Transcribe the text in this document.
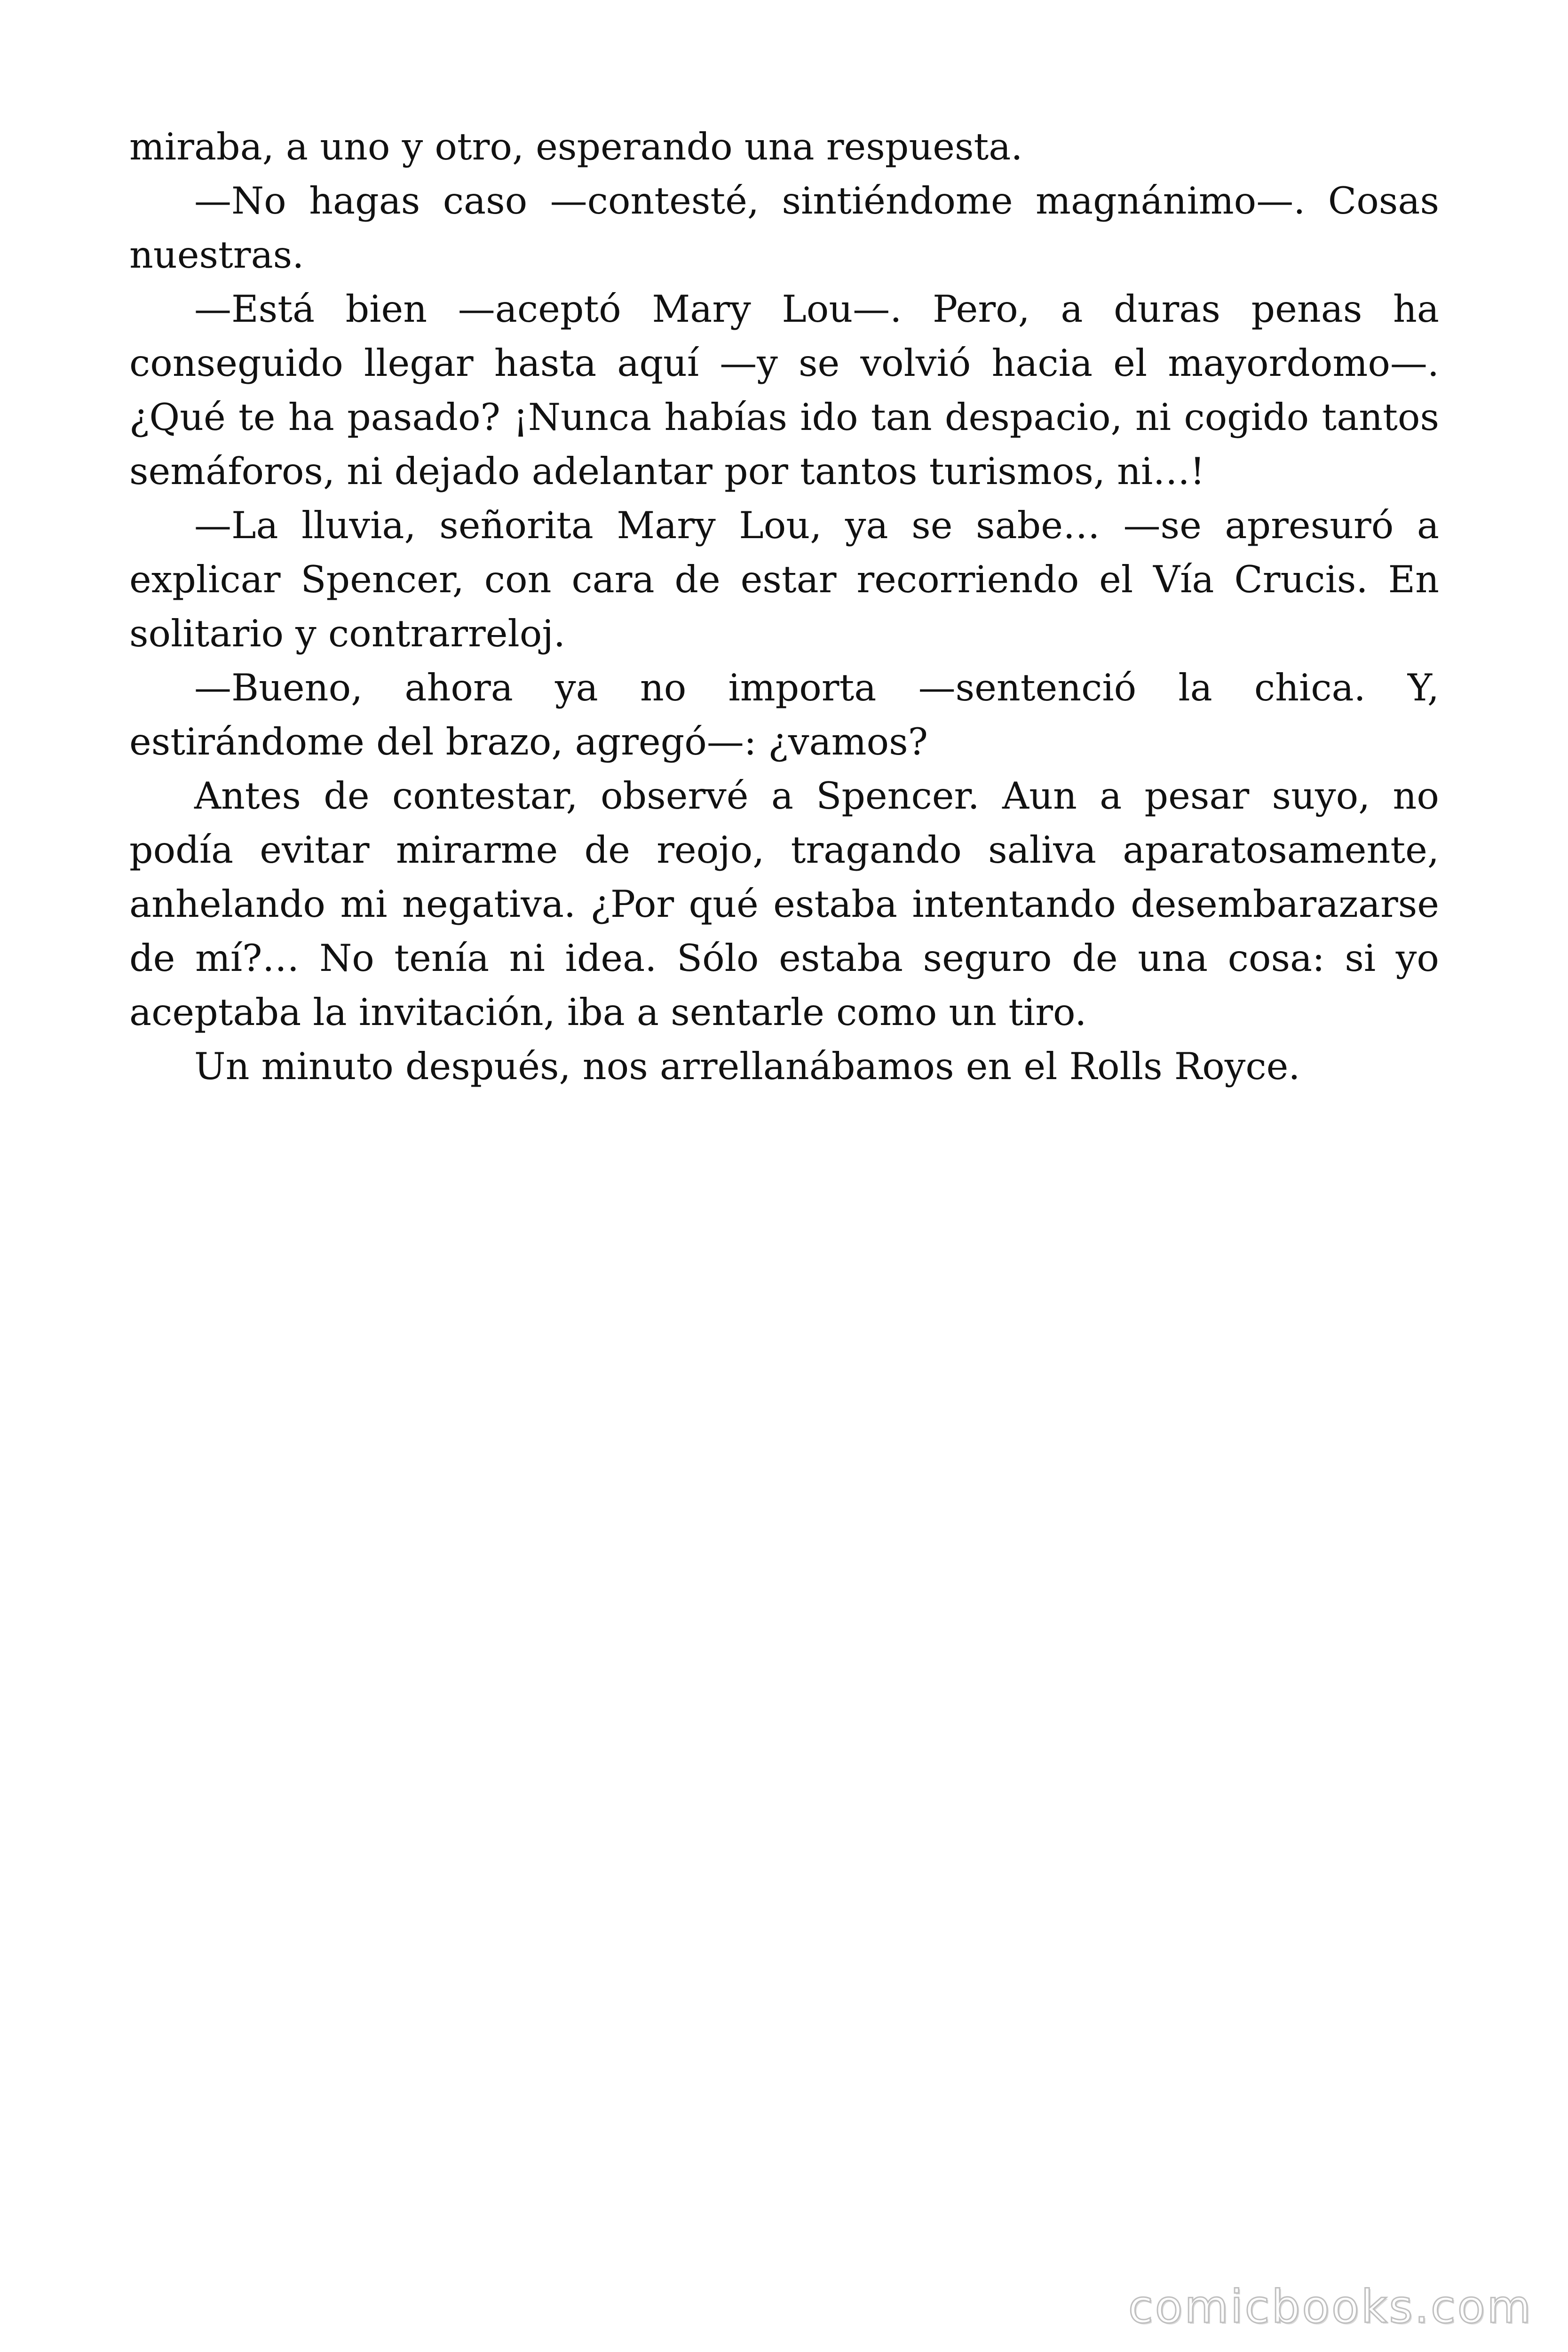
miraba, a uno y otro, esperando una respuesta.

—No hagas caso —contesté, sintiéndome magnánimo—. Cosas nuestras.

—Está bien —aceptó Mary Lou—. Pero, a duras penas ha conseguido llegar hasta aquí —y se volvió hacia el mayordomo—. ¿Qué te ha pasado? ¡Nunca habías ido tan despacio, ni cogido tantos semáforos, ni dejado adelantar por tantos turismos, ni…!

—La lluvia, señorita Mary Lou, ya se sabe… —se apresuró a explicar Spencer, con cara de estar recorriendo el Vía Crucis. En solitario y contrarreloj.

—Bueno, ahora ya no importa —sentenció la chica. Y, estirándome del brazo, agregó—: ¿vamos?

Antes de contestar, observé a Spencer. Aun a pesar suyo, no podía evitar mirarme de reojo, tragando saliva aparatosamente, anhelando mi negativa. ¿Por qué estaba intentando desembarazarse de mí?… No tenía ni idea. Sólo estaba seguro de una cosa: si yo aceptaba la invitación, iba a sentarle como un tiro.

Un minuto después, nos arrellanábamos en el Rolls Royce.

comicbooks.com
